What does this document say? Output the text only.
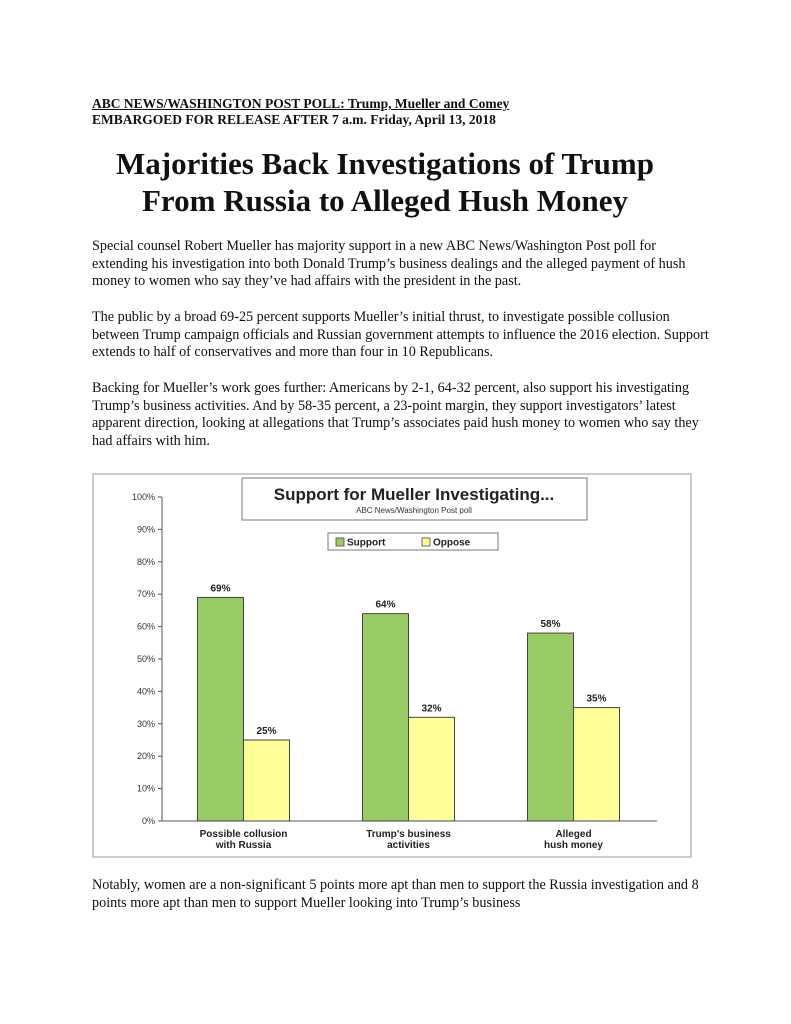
ABC NEWS/WASHINGTON POST POLL: Trump, Mueller and Comey
EMBARGOED FOR RELEASE AFTER 7 a.m. Friday, April 13, 2018
Majorities Back Investigations of Trump
From Russia to Alleged Hush Money
Special counsel Robert Mueller has majority support in a new ABC News/Washington Post poll for extending his investigation into both Donald Trump’s business dealings and the alleged payment of hush money to women who say they’ve had affairs with the president in the past.
The public by a broad 69-25 percent supports Mueller’s initial thrust, to investigate possible collusion between Trump campaign officials and Russian government attempts to influence the 2016 election. Support extends to half of conservatives and more than four in 10 Republicans.
Backing for Mueller’s work goes further: Americans by 2-1, 64-32 percent, also support his investigating Trump’s business activities. And by 58-35 percent, a 23-point margin, they support investigators’ latest apparent direction, looking at allegations that Trump’s associates paid hush money to women who say they had affairs with him.
0%
10%
20%
30%
40%
50%
60%
70%
80%
90%
100%
69%
25%
Possible collusion
with Russia
64%
32%
Trump's business
activities
58%
35%
Alleged
hush money
Support for Mueller Investigating...
ABC News/Washington Post poll
Support	Oppose
Notably, women are a non-significant 5 points more apt than men to support the Russia investigation and 8 points more apt than men to support Mueller looking into Trump’s business
